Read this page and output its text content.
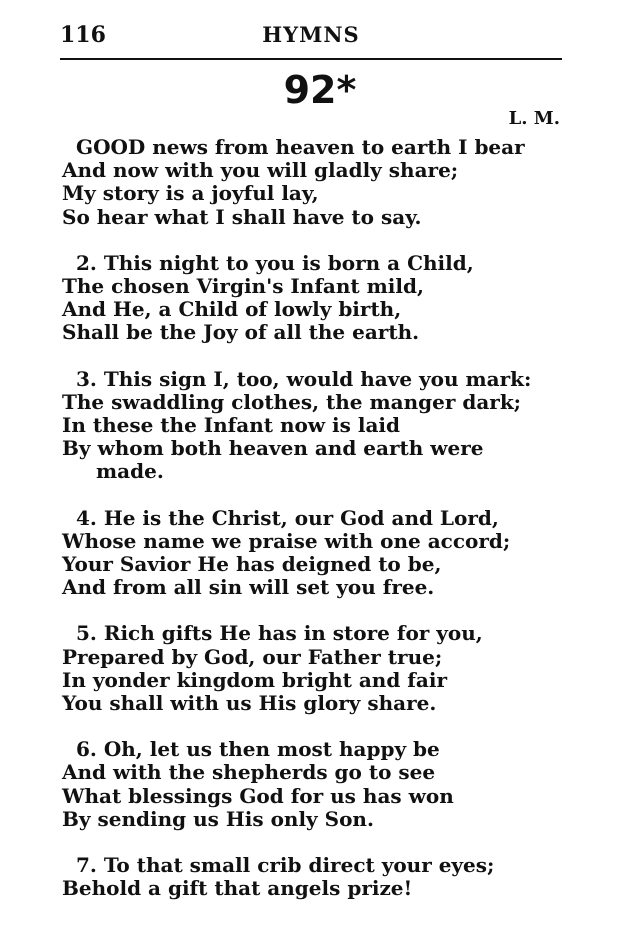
116	HYMNS
92*
L. M.
GOOD news from heaven to earth I bear
And now with you will gladly share;
My story is a joyful lay,
So hear what I shall have to say.
2. This night to you is born a Child,
The chosen Virgin's Infant mild,
And He, a Child of lowly birth,
Shall be the Joy of all the earth.
3. This sign I, too, would have you mark:
The swaddling clothes, the manger dark;
In these the Infant now is laid
By whom both heaven and earth were
made.
4. He is the Christ, our God and Lord,
Whose name we praise with one accord;
Your Savior He has deigned to be,
And from all sin will set you free.
5. Rich gifts He has in store for you,
Prepared by God, our Father true;
In yonder kingdom bright and fair
You shall with us His glory share.
6. Oh, let us then most happy be
And with the shepherds go to see
What blessings God for us has won
By sending us His only Son.
7. To that small crib direct your eyes;
Behold a gift that angels prize!
